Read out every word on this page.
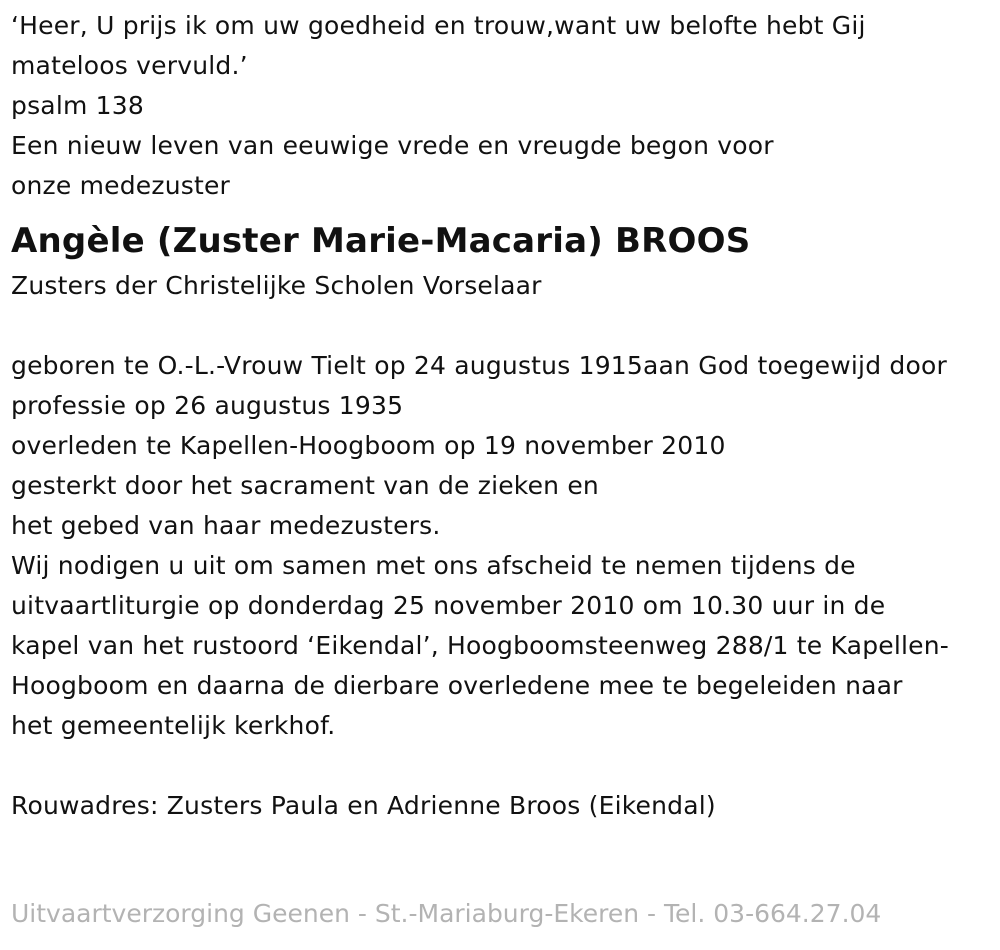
‘Heer, U prijs ik om uw goedheid en trouw,want uw belofte hebt Gij
mateloos vervuld.’
psalm 138
Een nieuw leven van eeuwige vrede en vreugde begon voor
onze medezuster
Angèle (Zuster Marie-Macaria) BROOS
Zusters der Christelijke Scholen Vorselaar
geboren te O.-L.-Vrouw Tielt op 24 augustus 1915aan God toegewijd door
professie op 26 augustus 1935
overleden te Kapellen-Hoogboom op 19 november 2010
gesterkt door het sacrament van de zieken en
het gebed van haar medezusters.
Wij nodigen u uit om samen met ons afscheid te nemen tijdens de
uitvaartliturgie op donderdag 25 november 2010 om 10.30 uur in de
kapel van het rustoord ‘Eikendal’, Hoogboomsteenweg 288/1 te Kapellen-
Hoogboom en daarna de dierbare overledene mee te begeleiden naar
het gemeentelijk kerkhof.
Rouwadres: Zusters Paula en Adrienne Broos (Eikendal)
Uitvaartverzorging Geenen - St.-Mariaburg-Ekeren - Tel. 03-664.27.04
